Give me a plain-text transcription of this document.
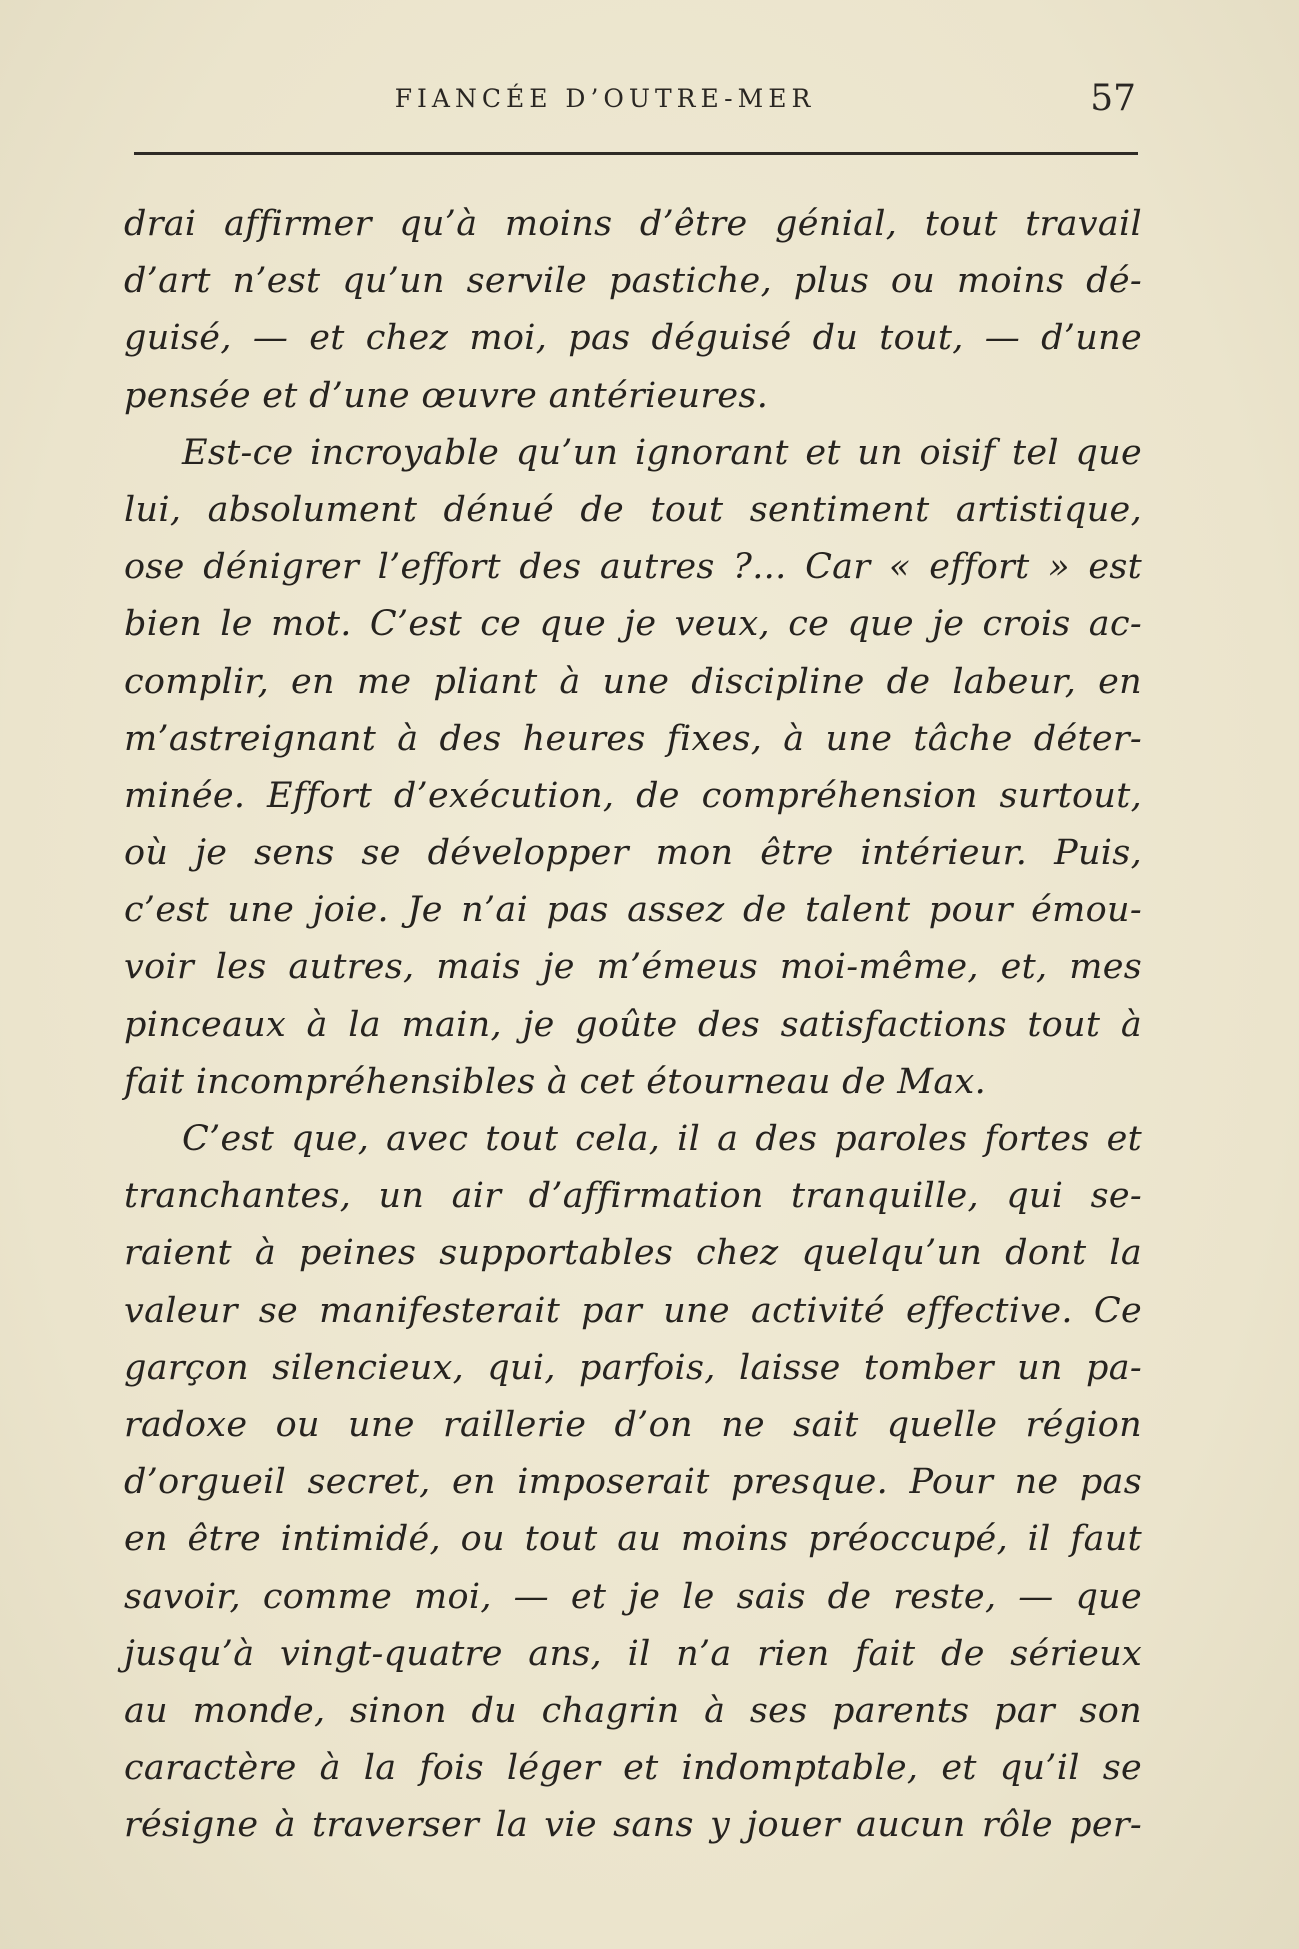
FIANCÉE D’OUTRE-MER	57
drai affirmer qu’à moins d’être génial, tout travail
d’art n’est qu’un servile pastiche, plus ou moins dé-
guisé, — et chez moi, pas déguisé du tout, — d’une
pensée et d’une œuvre antérieures.
Est-ce incroyable qu’un ignorant et un oisif tel que
lui, absolument dénué de tout sentiment artistique,
ose dénigrer l’effort des autres ?... Car « effort » est
bien le mot. C’est ce que je veux, ce que je crois ac-
complir, en me pliant à une discipline de labeur, en
m’astreignant à des heures fixes, à une tâche déter-
minée. Effort d’exécution, de compréhension surtout,
où je sens se développer mon être intérieur. Puis,
c’est une joie. Je n’ai pas assez de talent pour émou-
voir les autres, mais je m’émeus moi-même, et, mes
pinceaux à la main, je goûte des satisfactions tout à
fait incompréhensibles à cet étourneau de Max.
C’est que, avec tout cela, il a des paroles fortes et
tranchantes, un air d’affirmation tranquille, qui se-
raient à peines supportables chez quelqu’un dont la
valeur se manifesterait par une activité effective. Ce
garçon silencieux, qui, parfois, laisse tomber un pa-
radoxe ou une raillerie d’on ne sait quelle région
d’orgueil secret, en imposerait presque. Pour ne pas
en être intimidé, ou tout au moins préoccupé, il faut
savoir, comme moi, — et je le sais de reste, — que
jusqu’à vingt-quatre ans, il n’a rien fait de sérieux
au monde, sinon du chagrin à ses parents par son
caractère à la fois léger et indomptable, et qu’il se
résigne à traverser la vie sans y jouer aucun rôle per-
